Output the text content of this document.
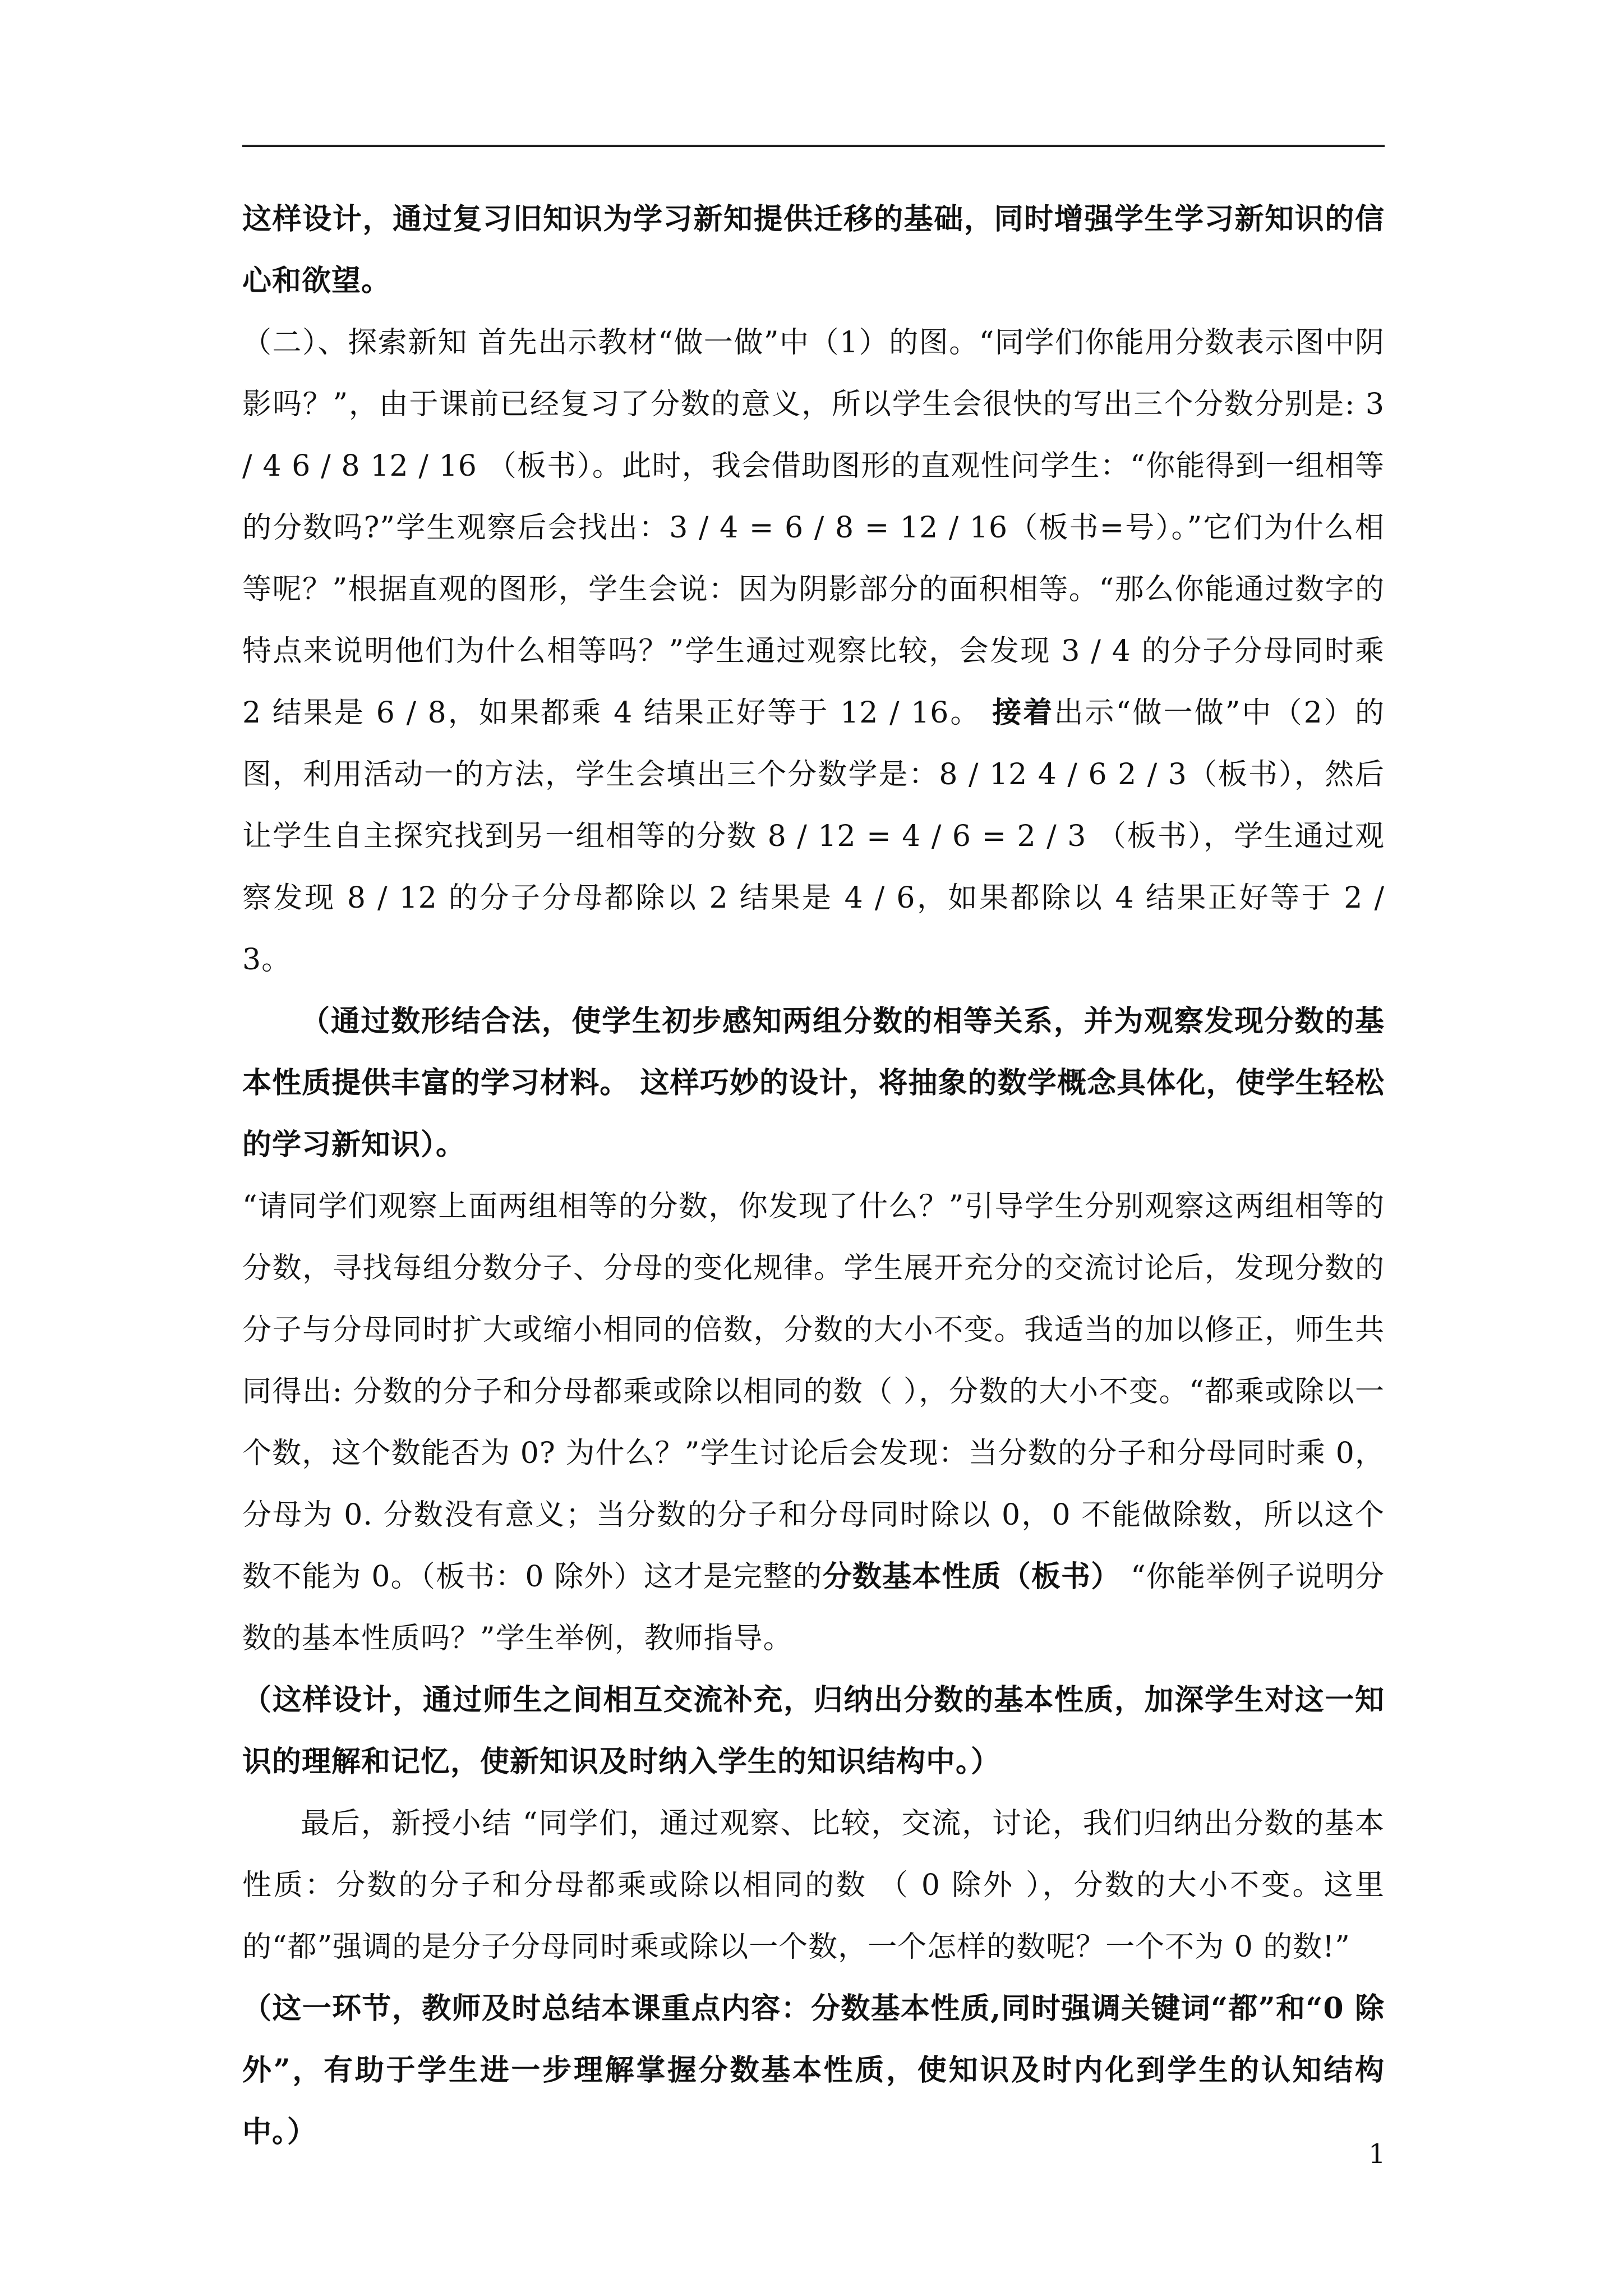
这样设计，通过复习旧知识为学习新知提供迁移的基础，同时增强学生学习新知识的信心和欲望。

（二）、探索新知 首先出示教材“做一做”中（1）的图。“同学们你能用分数表示图中阴影吗？”，由于课前已经复习了分数的意义，所以学生会很快的写出三个分数分别是: 3 / 4 6 / 8 12 / 16 （板书）。此时，我会借助图形的直观性问学生：“你能得到一组相等的分数吗?”学生观察后会找出：3 / 4 = 6 / 8 = 12 / 16（板书=号）。”它们为什么相等呢？”根据直观的图形，学生会说：因为阴影部分的面积相等。“那么你能通过数字的特点来说明他们为什么相等吗？”学生通过观察比较，会发现 3 / 4 的分子分母同时乘 2 结果是 6 / 8，如果都乘 4 结果正好等于 12 / 16。 接着出示“做一做”中（2）的图，利用活动一的方法，学生会填出三个分数学是：8 / 12 4 / 6 2 / 3（板书），然后让学生自主探究找到另一组相等的分数 8 / 12 = 4 / 6 = 2 / 3 （板书），学生通过观察发现 8 / 12 的分子分母都除以 2 结果是 4 / 6，如果都除以 4 结果正好等于 2 / 3。

（通过数形结合法，使学生初步感知两组分数的相等关系，并为观察发现分数的基本性质提供丰富的学习材料。 这样巧妙的设计，将抽象的数学概念具体化，使学生轻松的学习新知识）。

“请同学们观察上面两组相等的分数，你发现了什么？”引导学生分别观察这两组相等的分数，寻找每组分数分子、分母的变化规律。学生展开充分的交流讨论后，发现分数的分子与分母同时扩大或缩小相同的倍数，分数的大小不变。我适当的加以修正，师生共同得出: 分数的分子和分母都乘或除以相同的数（ ），分数的大小不变。“都乘或除以一个数，这个数能否为 0? 为什么？”学生讨论后会发现：当分数的分子和分母同时乘 0，分母为 0. 分数没有意义；当分数的分子和分母同时除以 0，0 不能做除数，所以这个数不能为 0。（板书：0 除外）这才是完整的分数基本性质（板书） “你能举例子说明分数的基本性质吗？”学生举例，教师指导。

（这样设计，通过师生之间相互交流补充，归纳出分数的基本性质，加深学生对这一知识的理解和记忆，使新知识及时纳入学生的知识结构中。）

最后，新授小结 “同学们，通过观察、比较，交流，讨论，我们归纳出分数的基本性质：分数的分子和分母都乘或除以相同的数 （ 0 除外 ），分数的大小不变。这里的“都”强调的是分子分母同时乘或除以一个数，一个怎样的数呢？一个不为 0 的数!”

（这一环节，教师及时总结本课重点内容：分数基本性质,同时强调关键词“都”和“0 除外”，有助于学生进一步理解掌握分数基本性质，使知识及时内化到学生的认知结构中。）

1
